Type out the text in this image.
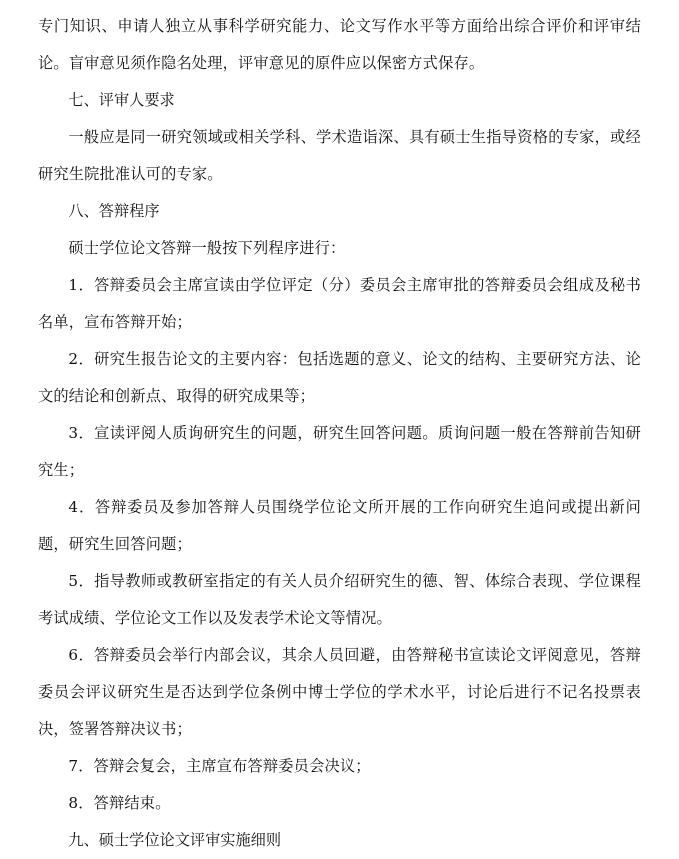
专门知识、申请人独立从事科学研究能力、论文写作水平等方面给出综合评价和评审结论。盲审意见须作隐名处理，评审意见的原件应以保密方式保存。

七、评审人要求

一般应是同一研究领域或相关学科、学术造诣深、具有硕士生指导资格的专家，或经研究生院批准认可的专家。

八、答辩程序

硕士学位论文答辩一般按下列程序进行：

1．答辩委员会主席宣读由学位评定（分）委员会主席审批的答辩委员会组成及秘书名单，宣布答辩开始；

2．研究生报告论文的主要内容：包括选题的意义、论文的结构、主要研究方法、论文的结论和创新点、取得的研究成果等；

3．宣读评阅人质询研究生的问题，研究生回答问题。质询问题一般在答辩前告知研究生；

4．答辩委员及参加答辩人员围绕学位论文所开展的工作向研究生追问或提出新问题，研究生回答问题；

5．指导教师或教研室指定的有关人员介绍研究生的德、智、体综合表现、学位课程考试成绩、学位论文工作以及发表学术论文等情况。

6．答辩委员会举行内部会议，其余人员回避，由答辩秘书宣读论文评阅意见，答辩委员会评议研究生是否达到学位条例中博士学位的学术水平，讨论后进行不记名投票表决，签署答辩决议书；

7．答辩会复会，主席宣布答辩委员会决议；

8．答辩结束。

九、硕士学位论文评审实施细则
